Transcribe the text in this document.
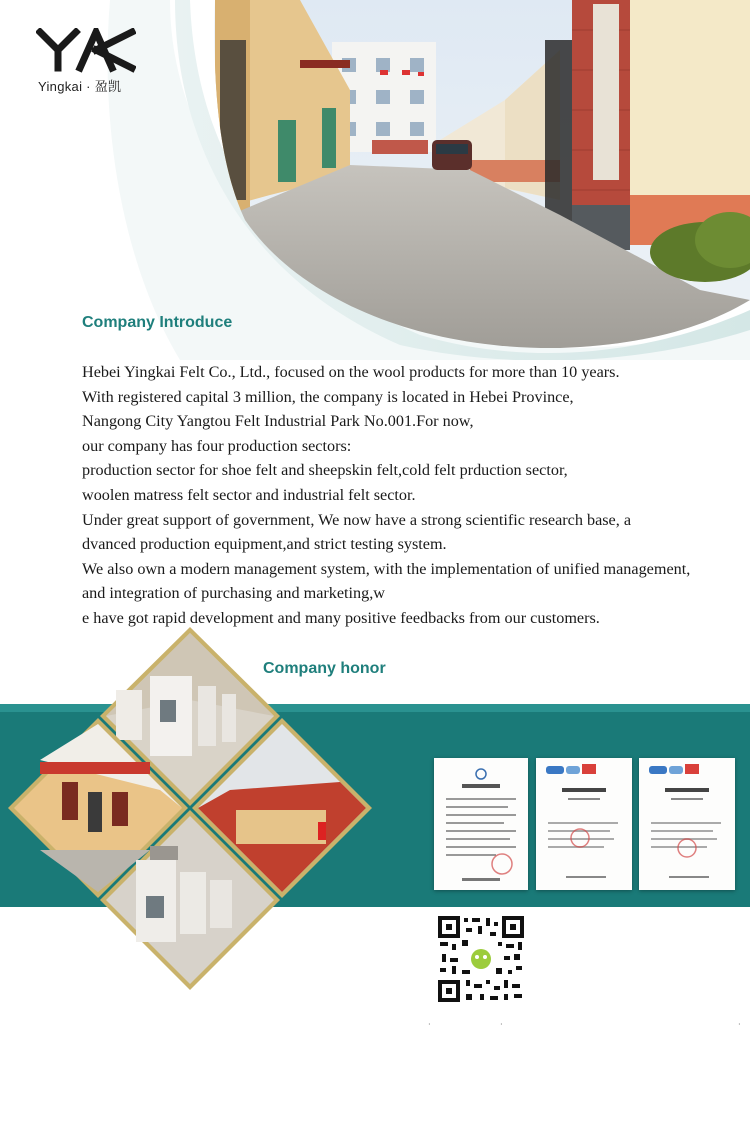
Yingkai · 盈凯
Company Introduce
Hebei Yingkai Felt Co., Ltd., focused on the wool products for more than 10 years.
With registered capital 3 million, the company is located in Hebei Province,
Nangong City Yangtou Felt Industrial Park No.001.For now,
our company has four production sectors:
production sector for shoe felt and sheepskin felt,cold felt prduction sector,
woolen matress felt sector and industrial felt sector.
Under great support of government, We now have a strong scientific research base, a
dvanced production equipment,and strict testing system.
We also own a modern management system, with the implementation of unified management,
and integration of purchasing and marketing,w
e have got rapid development and many positive feedbacks from our customers.
Company honor
·	·	·
